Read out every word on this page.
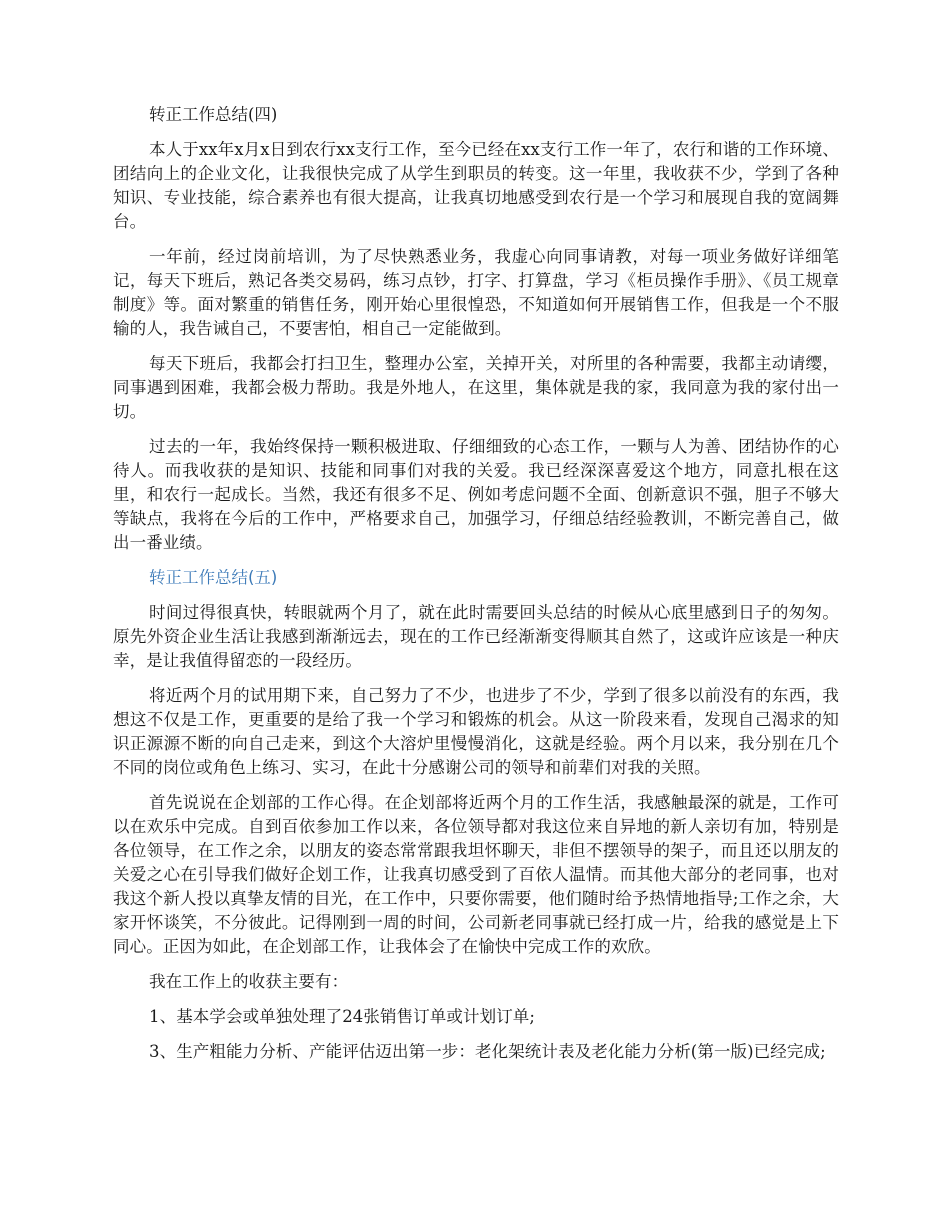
转正工作总结(四)

本人于xx年x月x日到农行xx支行工作，至今已经在xx支行工作一年了，农行和谐的工作环境、团结向上的企业文化，让我很快完成了从学生到职员的转变。这一年里，我收获不少，学到了各种知识、专业技能，综合素养也有很大提高，让我真切地感受到农行是一个学习和展现自我的宽阔舞台。

一年前，经过岗前培训，为了尽快熟悉业务，我虚心向同事请教，对每一项业务做好详细笔记，每天下班后，熟记各类交易码，练习点钞，打字、打算盘，学习《柜员操作手册》、《员工规章制度》等。面对繁重的销售任务，刚开始心里很惶恐，不知道如何开展销售工作，但我是一个不服输的人，我告诫自己，不要害怕，相自己一定能做到。

每天下班后，我都会打扫卫生，整理办公室，关掉开关，对所里的各种需要，我都主动请缨，同事遇到困难，我都会极力帮助。我是外地人，在这里，集体就是我的家，我同意为我的家付出一切。

过去的一年，我始终保持一颗积极进取、仔细细致的心态工作，一颗与人为善、团结协作的心待人。而我收获的是知识、技能和同事们对我的关爱。我已经深深喜爱这个地方，同意扎根在这里，和农行一起成长。当然，我还有很多不足、例如考虑问题不全面、创新意识不强，胆子不够大等缺点，我将在今后的工作中，严格要求自己，加强学习，仔细总结经验教训，不断完善自己，做出一番业绩。

转正工作总结(五)

时间过得很真快，转眼就两个月了，就在此时需要回头总结的时候从心底里感到日子的匆匆。原先外资企业生活让我感到渐渐远去，现在的工作已经渐渐变得顺其自然了，这或许应该是一种庆幸，是让我值得留恋的一段经历。

将近两个月的试用期下来，自己努力了不少，也进步了不少，学到了很多以前没有的东西，我想这不仅是工作，更重要的是给了我一个学习和锻炼的机会。从这一阶段来看，发现自己渴求的知识正源源不断的向自己走来，到这个大溶炉里慢慢消化，这就是经验。两个月以来，我分别在几个不同的岗位或角色上练习、实习，在此十分感谢公司的领导和前辈们对我的关照。

首先说说在企划部的工作心得。在企划部将近两个月的工作生活，我感触最深的就是，工作可以在欢乐中完成。自到百依参加工作以来，各位领导都对我这位来自异地的新人亲切有加，特别是各位领导，在工作之余，以朋友的姿态常常跟我坦怀聊天，非但不摆领导的架子，而且还以朋友的关爱之心在引导我们做好企划工作，让我真切感受到了百依人温情。而其他大部分的老同事，也对我这个新人投以真挚友情的目光，在工作中，只要你需要，他们随时给予热情地指导;工作之余，大家开怀谈笑，不分彼此。记得刚到一周的时间，公司新老同事就已经打成一片，给我的感觉是上下同心。正因为如此，在企划部工作，让我体会了在愉快中完成工作的欢欣。

我在工作上的收获主要有：

1、基本学会或单独处理了24张销售订单或计划订单;

3、生产粗能力分析、产能评估迈出第一步：老化架统计表及老化能力分析(第一版)已经完成;
